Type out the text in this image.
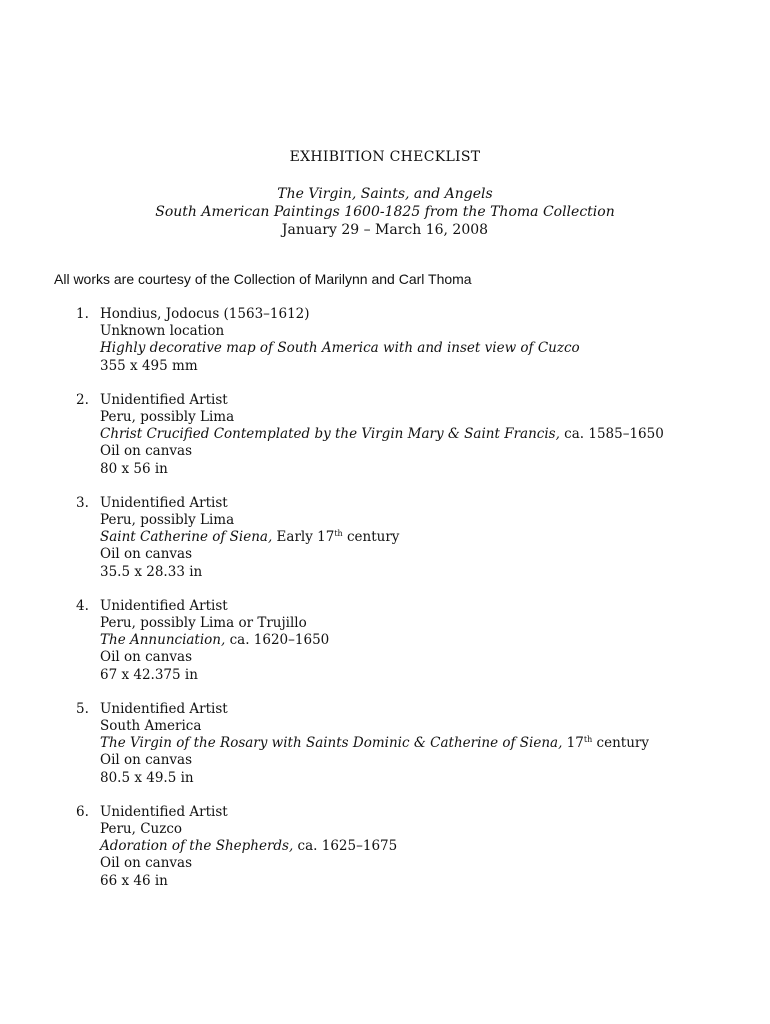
EXHIBITION CHECKLIST
The Virgin, Saints, and Angels
South American Paintings 1600-1825 from the Thoma Collection
January 29 – March 16, 2008
All works are courtesy of the Collection of Marilynn and Carl Thoma
1. Hondius, Jodocus (1563–1612)
Unknown location
Highly decorative map of South America with and inset view of Cuzco
355 x 495 mm
2. Unidentified Artist
Peru, possibly Lima
Christ Crucified Contemplated by the Virgin Mary & Saint Francis, ca. 1585–1650
Oil on canvas
80 x 56 in
3. Unidentified Artist
Peru, possibly Lima
Saint Catherine of Siena, Early 17th century
Oil on canvas
35.5 x 28.33 in
4. Unidentified Artist
Peru, possibly Lima or Trujillo
The Annunciation, ca. 1620–1650
Oil on canvas
67 x 42.375 in
5. Unidentified Artist
South America
The Virgin of the Rosary with Saints Dominic & Catherine of Siena, 17th century
Oil on canvas
80.5 x 49.5 in
6. Unidentified Artist
Peru, Cuzco
Adoration of the Shepherds, ca. 1625–1675
Oil on canvas
66 x 46 in
